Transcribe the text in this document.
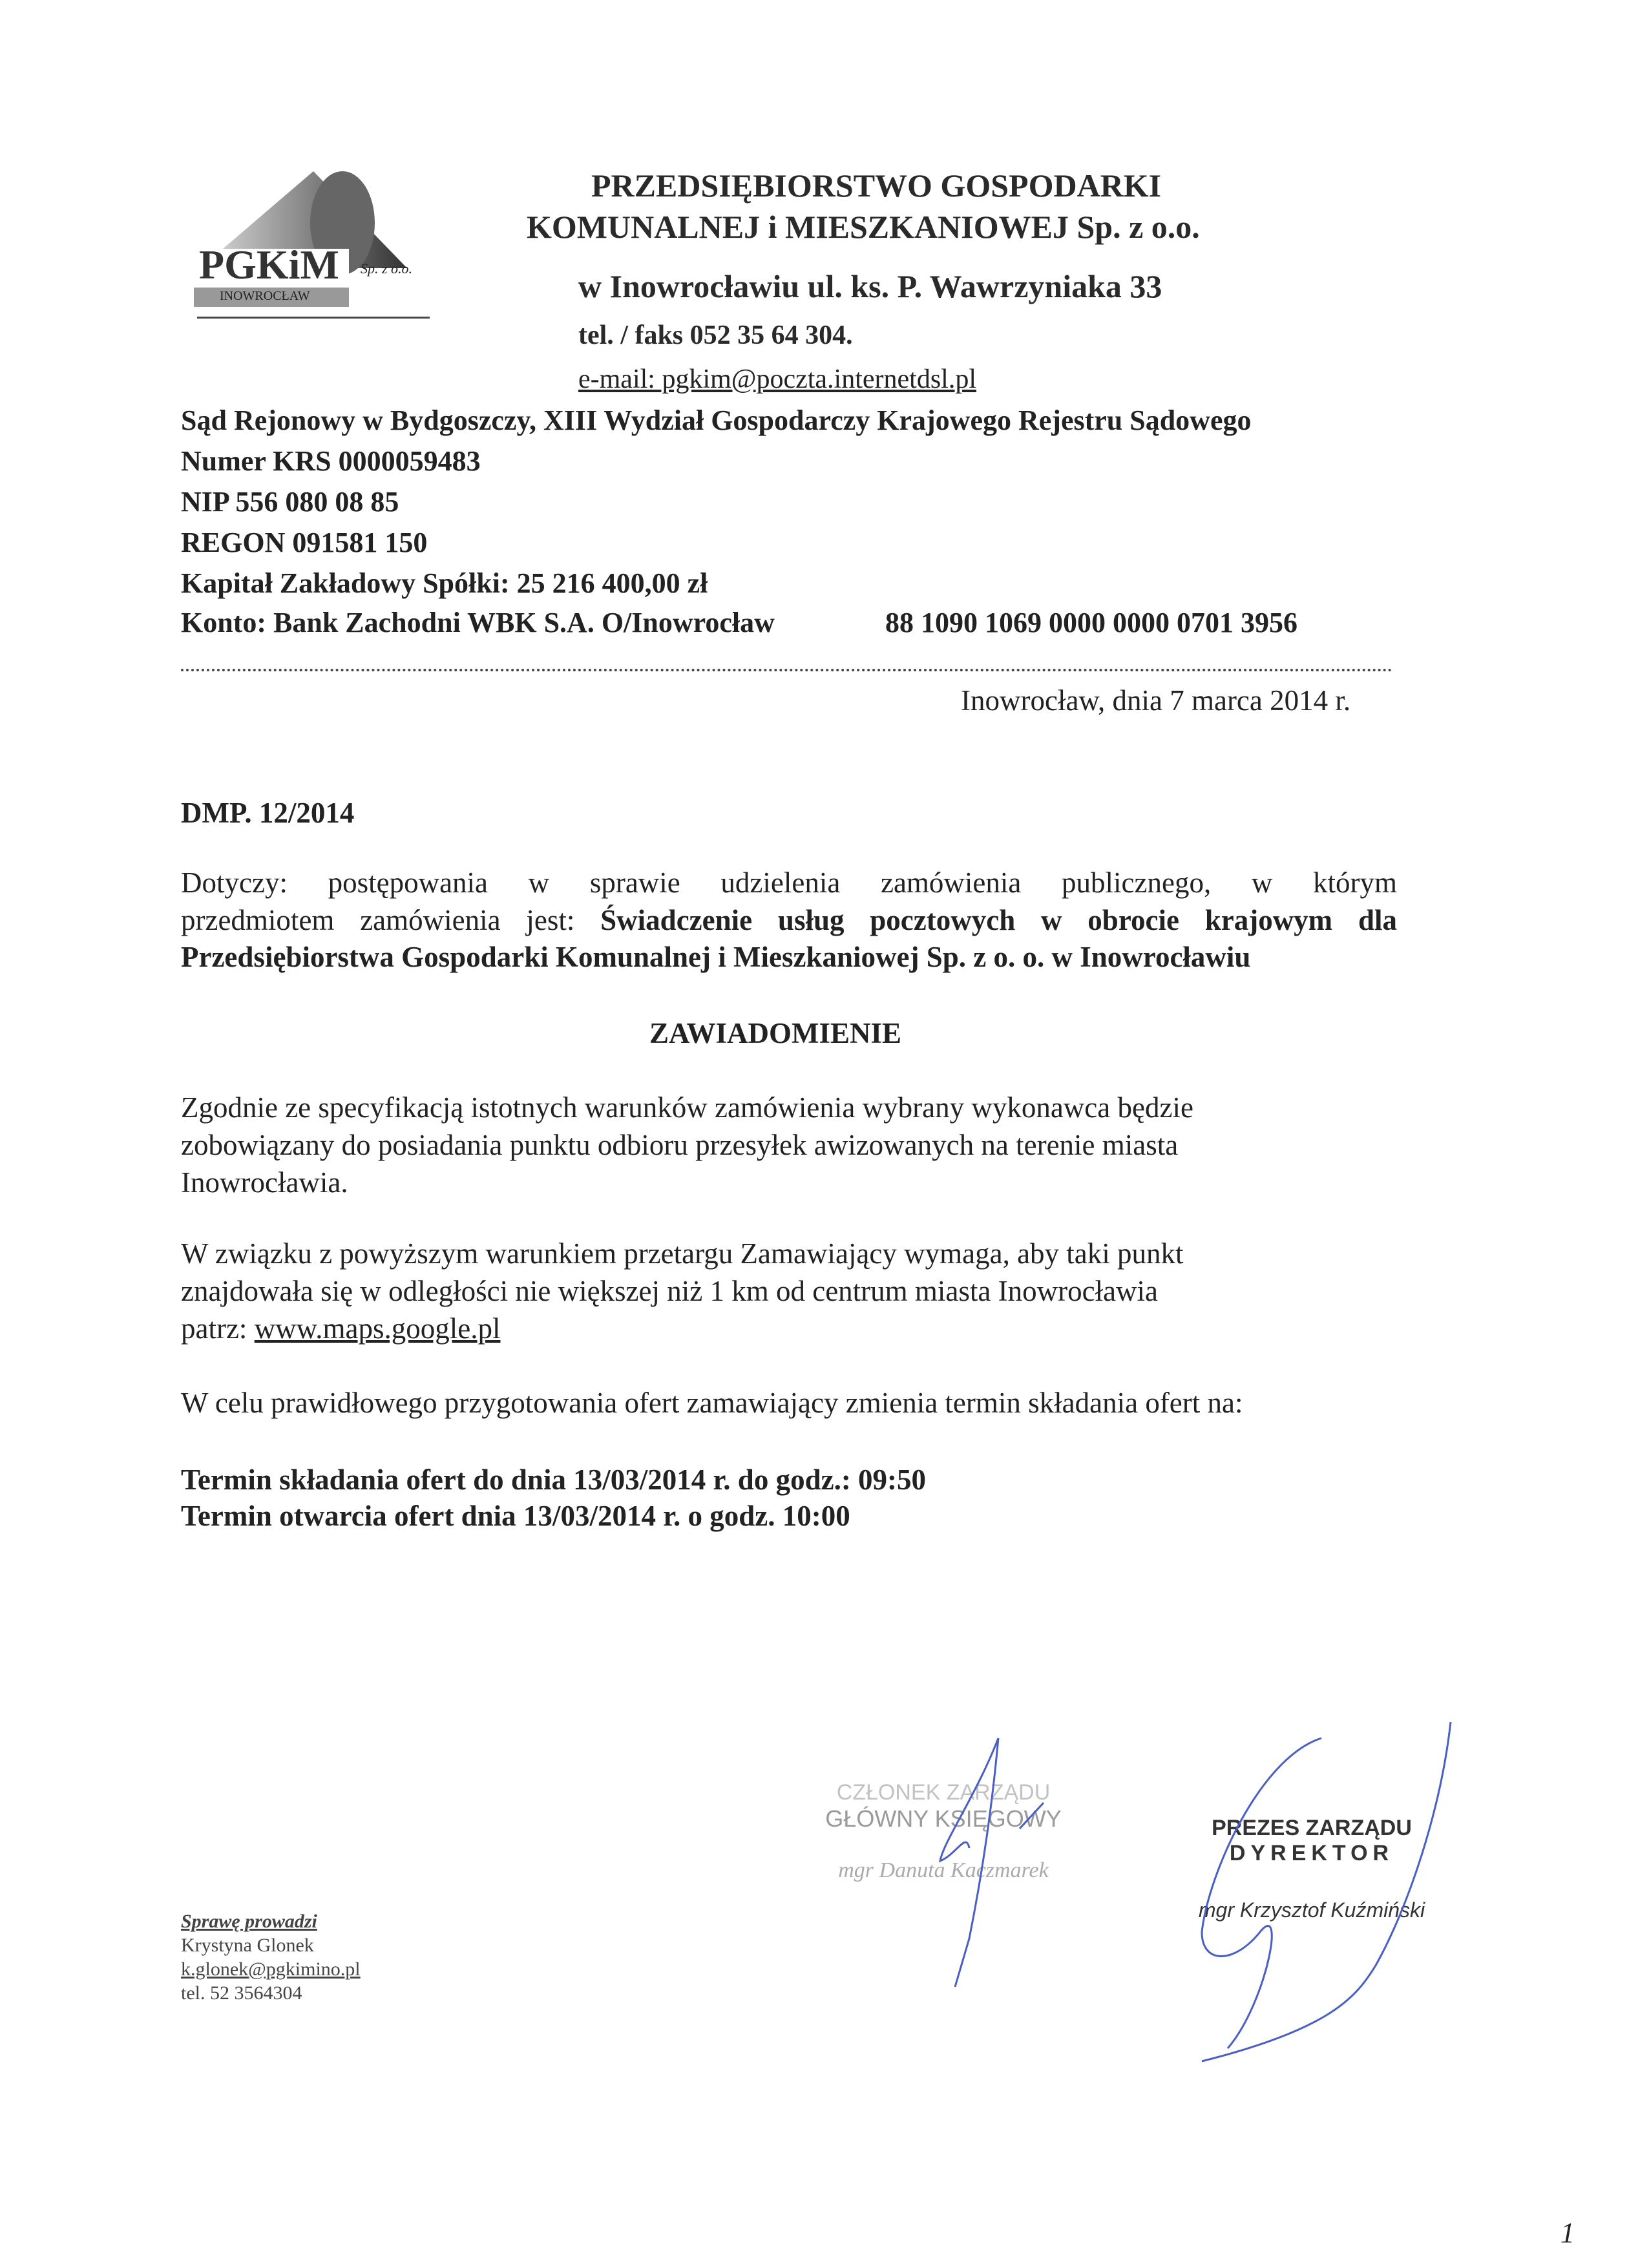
PGKiM Sp. z o.o.
INOWROCŁAW
PRZEDSIĘBIORSTWO GOSPODARKI
KOMUNALNEJ i MIESZKANIOWEJ Sp. z o.o.
w Inowrocławiu ul. ks. P. Wawrzyniaka 33
tel. / faks 052 35 64 304.
e-mail: pgkim@poczta.internetdsl.pl
Sąd Rejonowy w Bydgoszczy, XIII Wydział Gospodarczy Krajowego Rejestru Sądowego
Numer KRS 0000059483
NIP 556 080 08 85
REGON 091581 150
Kapitał Zakładowy Spółki: 25 216 400,00 zł
Konto: Bank Zachodni WBK S.A. O/Inowrocław	88 1090 1069 0000 0000 0701 3956
Inowrocław, dnia 7 marca 2014 r.
DMP. 12/2014
Dotyczy: postępowania w sprawie udzielenia zamówienia publicznego, w którym
przedmiotem zamówienia jest: Świadczenie usług pocztowych w obrocie krajowym dla
Przedsiębiorstwa Gospodarki Komunalnej i Mieszkaniowej Sp. z o. o. w Inowrocławiu
ZAWIADOMIENIE
Zgodnie ze specyfikacją istotnych warunków zamówienia wybrany wykonawca będzie
zobowiązany do posiadania punktu odbioru przesyłek awizowanych na terenie miasta
Inowrocławia.
W związku z powyższym warunkiem przetargu Zamawiający wymaga, aby taki punkt
znajdowała się w odległości nie większej niż 1 km od centrum miasta Inowrocławia
patrz: www.maps.google.pl
W celu prawidłowego przygotowania ofert zamawiający zmienia termin składania ofert na:
Termin składania ofert do dnia 13/03/2014 r. do godz.: 09:50
Termin otwarcia ofert dnia 13/03/2014 r. o godz. 10:00
CZŁONEK ZARZĄDU
GŁÓWNY KSIĘGOWY
mgr Danuta Kaczmarek
PREZES ZARZĄDU
DYREKTOR
mgr Krzysztof Kuźmiński
Sprawę prowadzi
Krystyna Glonek
k.glonek@pgkimino.pl
tel. 52 3564304
1
